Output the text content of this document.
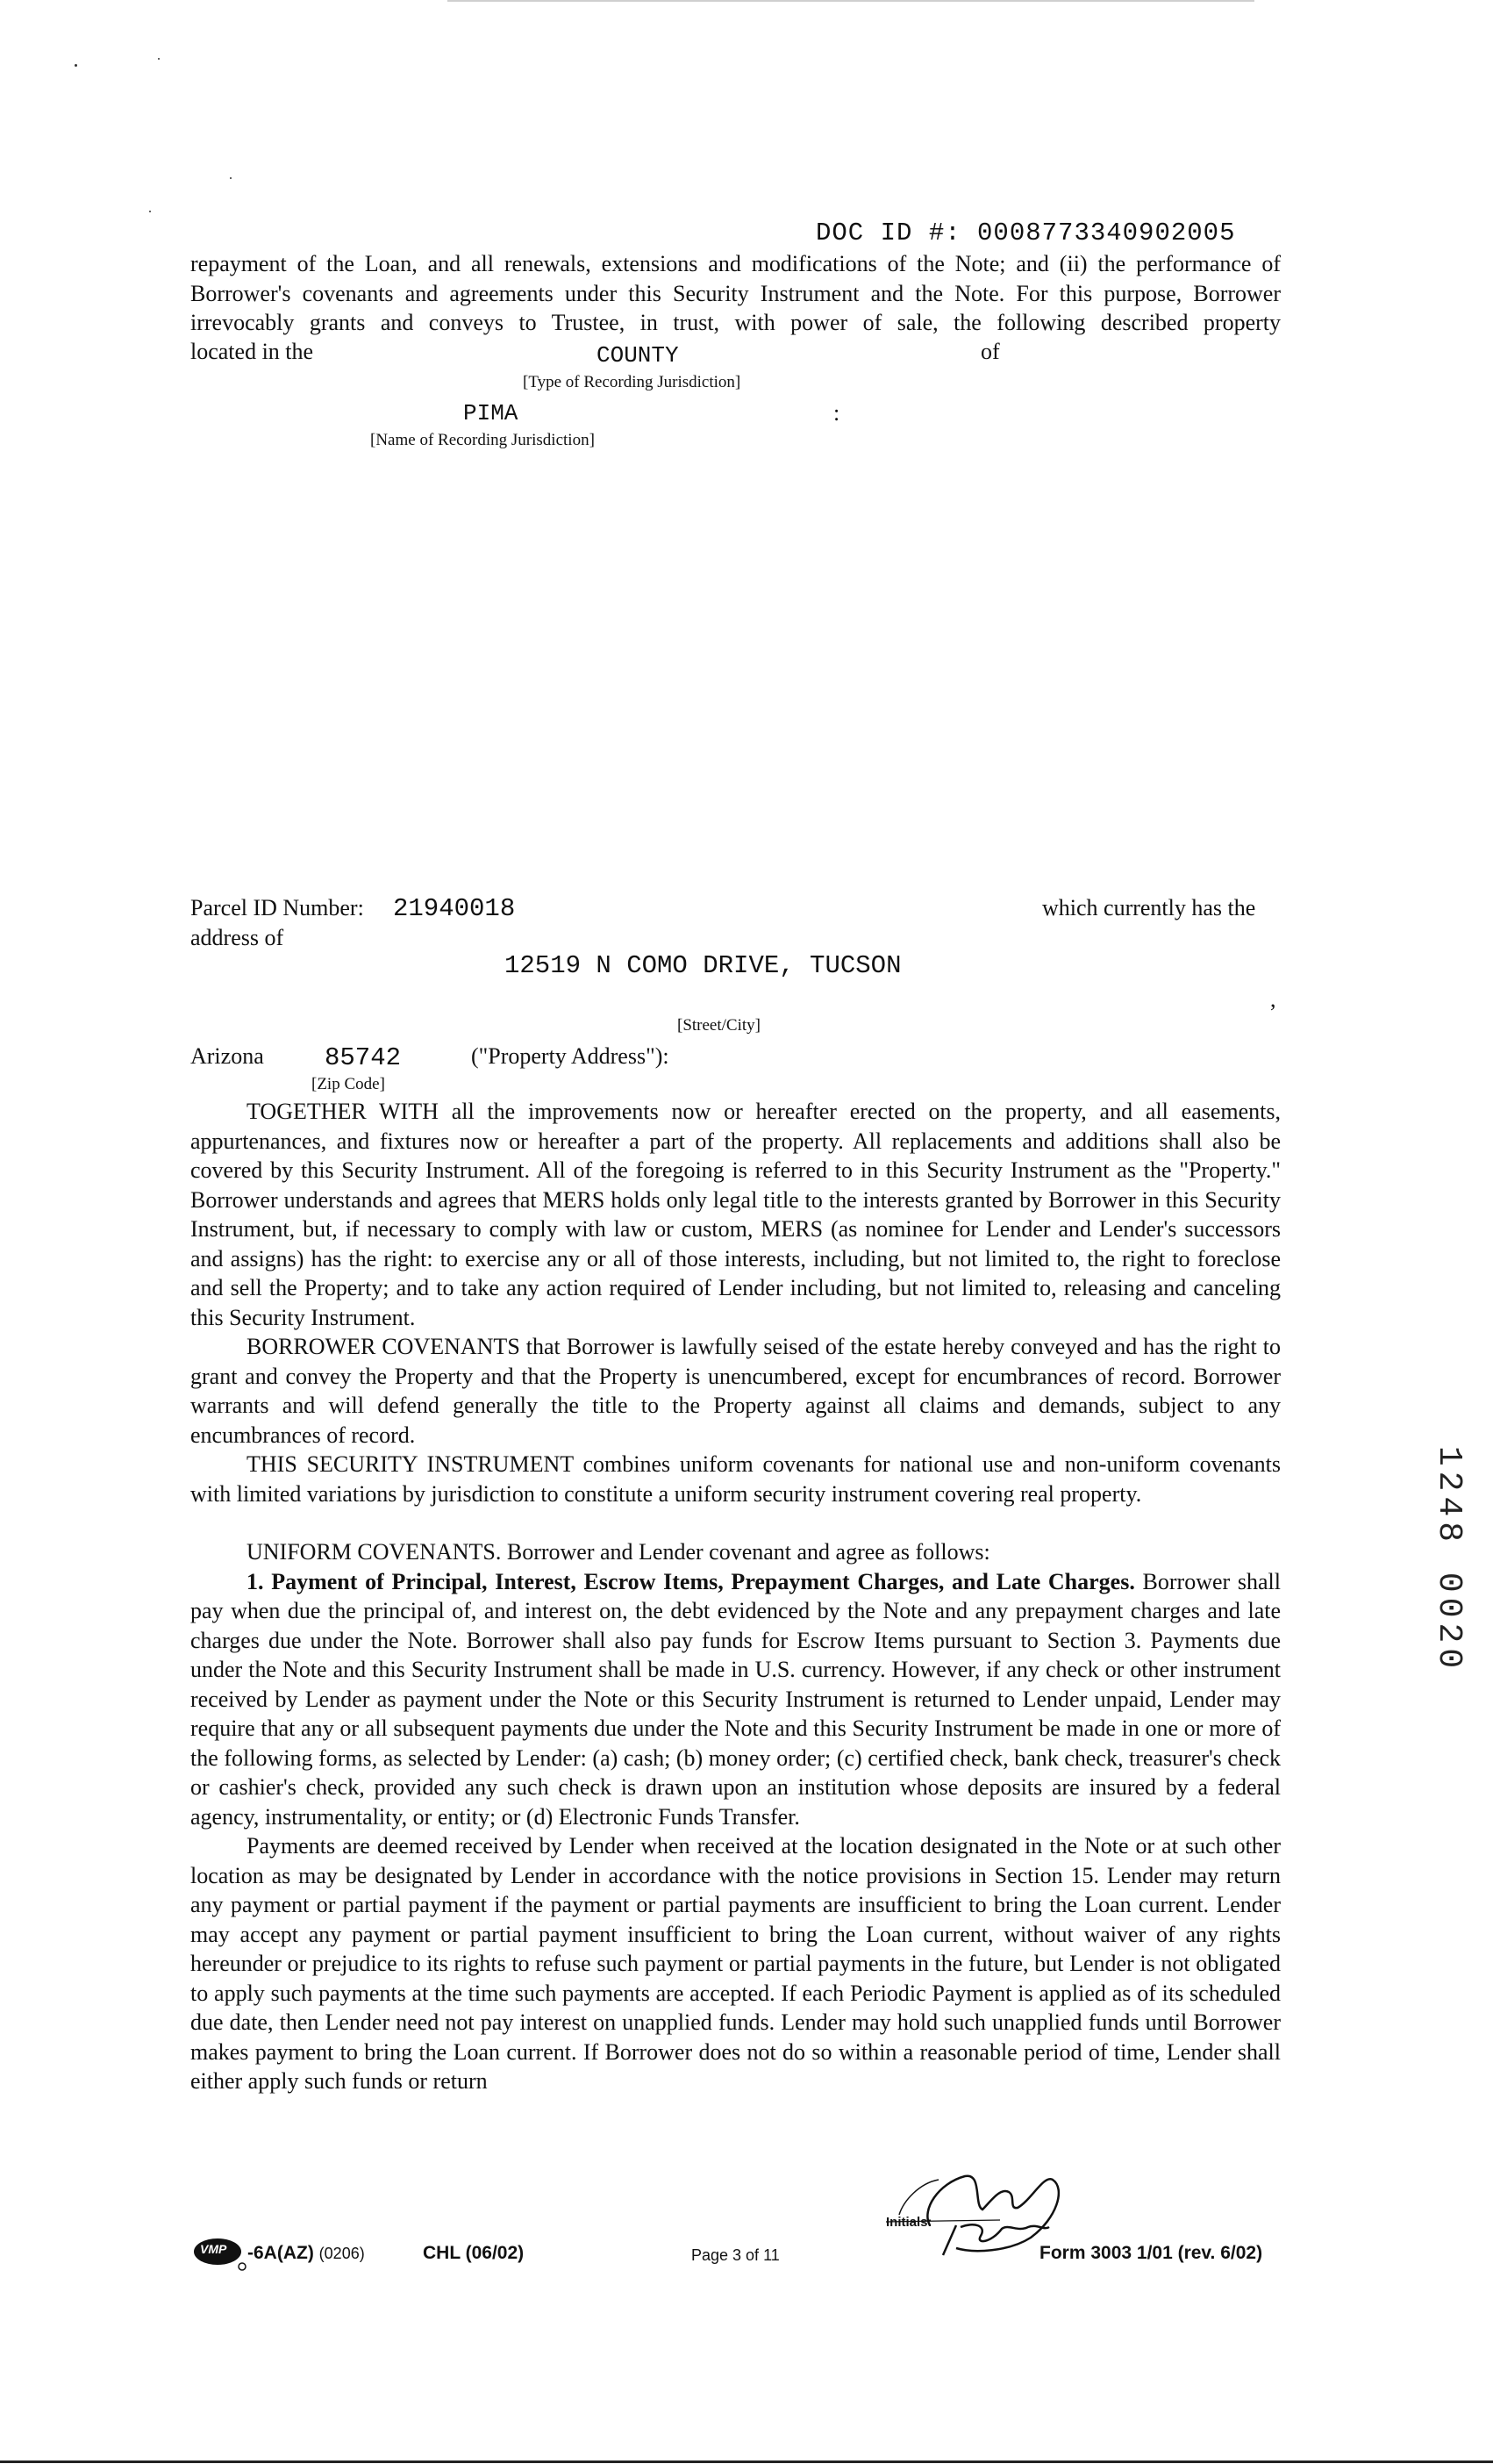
DOC ID #: 0008773340902005
repayment of the Loan, and all renewals, extensions and modifications of the Note; and (ii) the performance of
Borrower's covenants and agreements under this Security Instrument and the Note. For this purpose, Borrower
irrevocably grants and conveys to Trustee, in trust, with power of sale, the following described property
located in the	COUNTY	of
[Type of Recording Jurisdiction]
PIMA	:
[Name of Recording Jurisdiction]
Parcel ID Number: 21940018	which currently has the
address of
12519 N COMO DRIVE, TUCSON
,
[Street/City]
Arizona 85742	("Property Address"):
[Zip Code]

TOGETHER WITH all the improvements now or hereafter erected on the property, and all easements, appurtenances, and fixtures now or hereafter a part of the property. All replacements and additions shall also be covered by this Security Instrument. All of the foregoing is referred to in this Security Instrument as the "Property." Borrower understands and agrees that MERS holds only legal title to the interests granted by Borrower in this Security Instrument, but, if necessary to comply with law or custom, MERS (as nominee for Lender and Lender's successors and assigns) has the right: to exercise any or all of those interests, including, but not limited to, the right to foreclose and sell the Property; and to take any action required of Lender including, but not limited to, releasing and canceling this Security Instrument.

BORROWER COVENANTS that Borrower is lawfully seised of the estate hereby conveyed and has the right to grant and convey the Property and that the Property is unencumbered, except for encumbrances of record. Borrower warrants and will defend generally the title to the Property against all claims and demands, subject to any encumbrances of record.

THIS SECURITY INSTRUMENT combines uniform covenants for national use and non-uniform covenants with limited variations by jurisdiction to constitute a uniform security instrument covering real property.

UNIFORM COVENANTS. Borrower and Lender covenant and agree as follows:

1. Payment of Principal, Interest, Escrow Items, Prepayment Charges, and Late Charges. Borrower shall pay when due the principal of, and interest on, the debt evidenced by the Note and any prepayment charges and late charges due under the Note. Borrower shall also pay funds for Escrow Items pursuant to Section 3. Payments due under the Note and this Security Instrument shall be made in U.S. currency. However, if any check or other instrument received by Lender as payment under the Note or this Security Instrument is returned to Lender unpaid, Lender may require that any or all subsequent payments due under the Note and this Security Instrument be made in one or more of the following forms, as selected by Lender: (a) cash; (b) money order; (c) certified check, bank check, treasurer's check or cashier's check, provided any such check is drawn upon an institution whose deposits are insured by a federal agency, instrumentality, or entity; or (d) Electronic Funds Transfer.

Payments are deemed received by Lender when received at the location designated in the Note or at such other location as may be designated by Lender in accordance with the notice provisions in Section 15. Lender may return any payment or partial payment if the payment or partial payments are insufficient to bring the Loan current. Lender may accept any payment or partial payment insufficient to bring the Loan current, without waiver of any rights hereunder or prejudice to its rights to refuse such payment or partial payments in the future, but Lender is not obligated to apply such payments at the time such payments are accepted. If each Periodic Payment is applied as of its scheduled due date, then Lender need not pay interest on unapplied funds. Lender may hold such unapplied funds until Borrower makes payment to bring the Loan current. If Borrower does not do so within a reasonable period of time, Lender shall either apply such funds or return

1248 0020
VMP -6A(AZ) (0206)	CHL (06/02)	Page 3 of 11
Initials:
Form 3003 1/01 (rev. 6/02)
